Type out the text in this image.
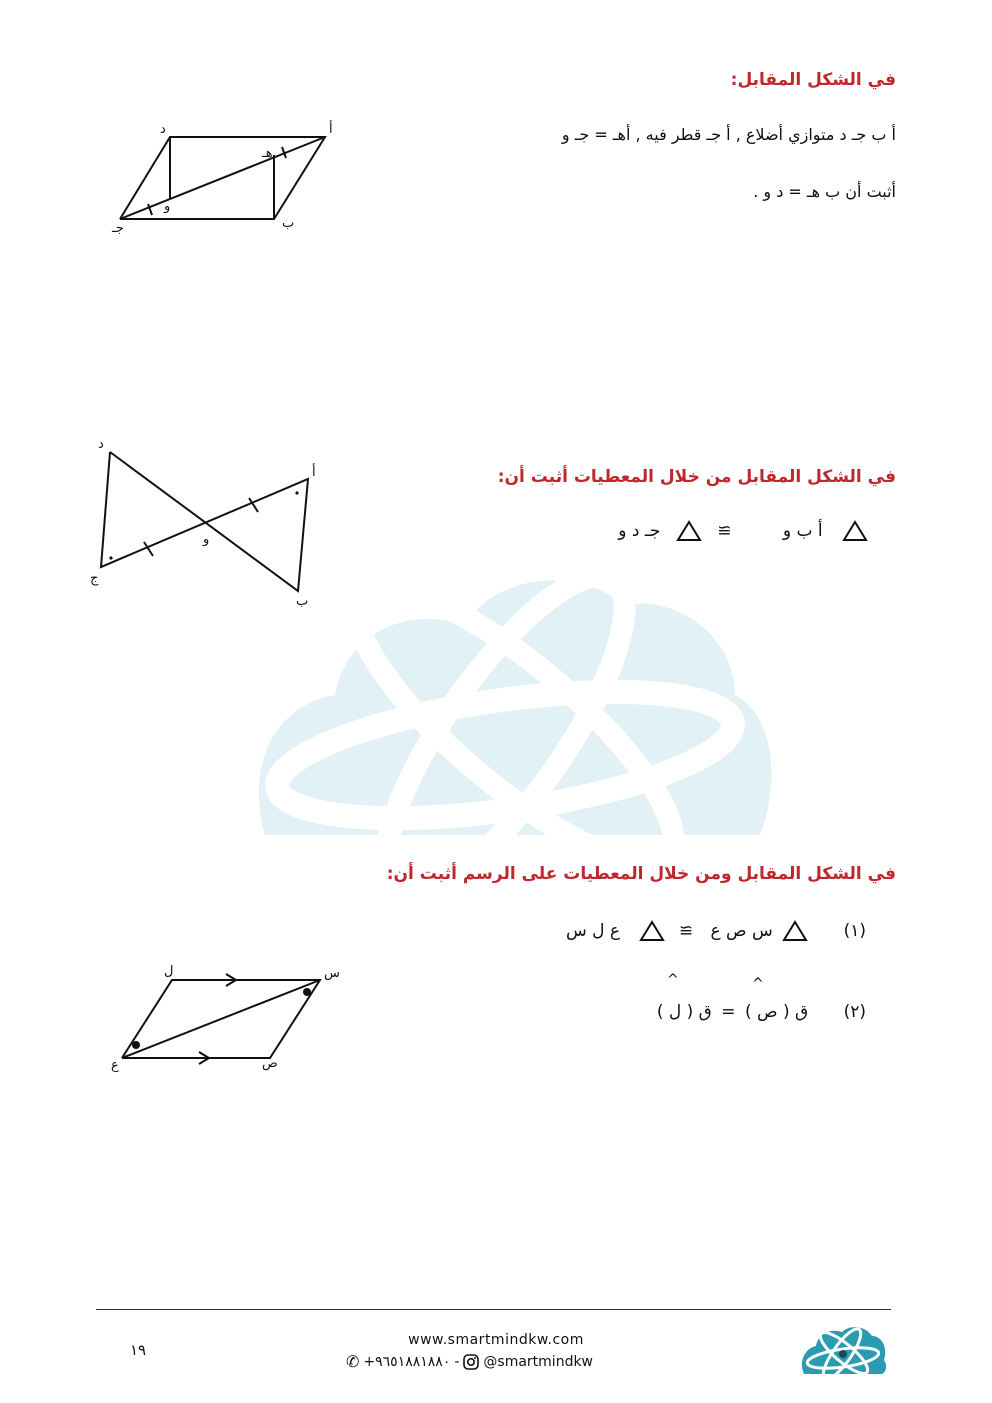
في الشكل المقابل:
أ ب جـ د متوازي أضلاع , أ جـ قطر فيه , أهـ = جـ و
أثبت أن ب هـ = د و .
د	أ
هـ
و
جـ	ب
في الشكل المقابل من خلال المعطيات أثبت أن:
أ ب و ≅  جـ د و
د
أ
و
ج
ب
في الشكل المقابل ومن خلال المعطيات على الرسم أثبت أن:
(١)  س ص ع ≅  ع ل س
^
^
(٢) ق ( ص ) = ق ( ل )
ل	س
ع	ص
١٩
www.smartmindkw.com
✆ +٩٦٥١٨٨١٨٨٠ - @smartmindkw
